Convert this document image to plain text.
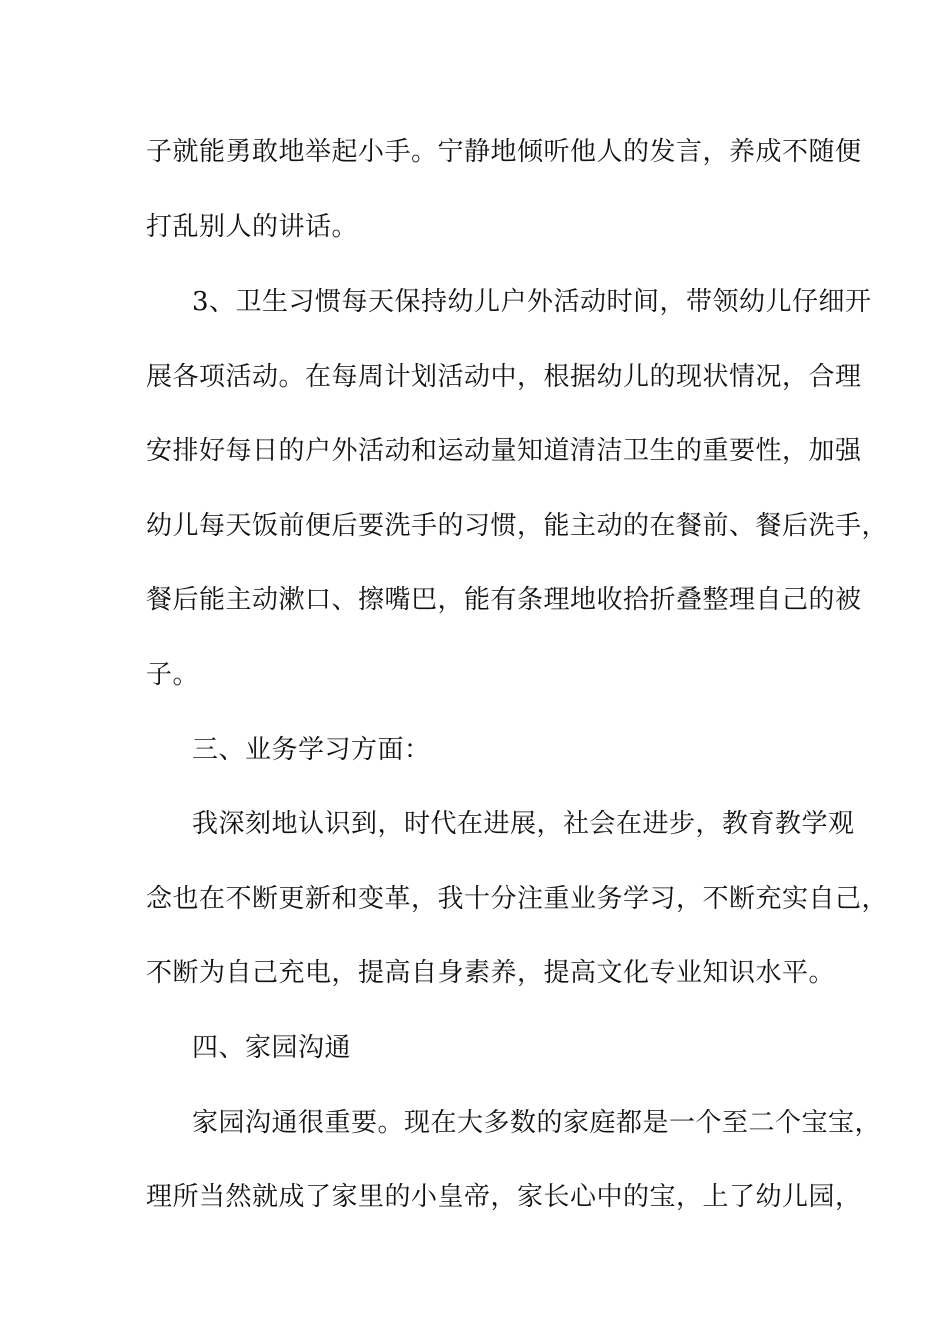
子就能勇敢地举起小手。宁静地倾听他人的发言，养成不随便
打乱别人的讲话。
3、卫生习惯每天保持幼儿户外活动时间，带领幼儿仔细开
展各项活动。在每周计划活动中，根据幼儿的现状情况，合理
安排好每日的户外活动和运动量知道清洁卫生的重要性，加强
幼儿每天饭前便后要洗手的习惯，能主动的在餐前、餐后洗手，
餐后能主动漱口、擦嘴巴，能有条理地收拾折叠整理自己的被
子。
三、业务学习方面：
我深刻地认识到，时代在进展，社会在进步，教育教学观
念也在不断更新和变革，我十分注重业务学习，不断充实自己，
不断为自己充电，提高自身素养，提高文化专业知识水平。
四、家园沟通
家园沟通很重要。现在大多数的家庭都是一个至二个宝宝，
理所当然就成了家里的小皇帝，家长心中的宝，上了幼儿园，
